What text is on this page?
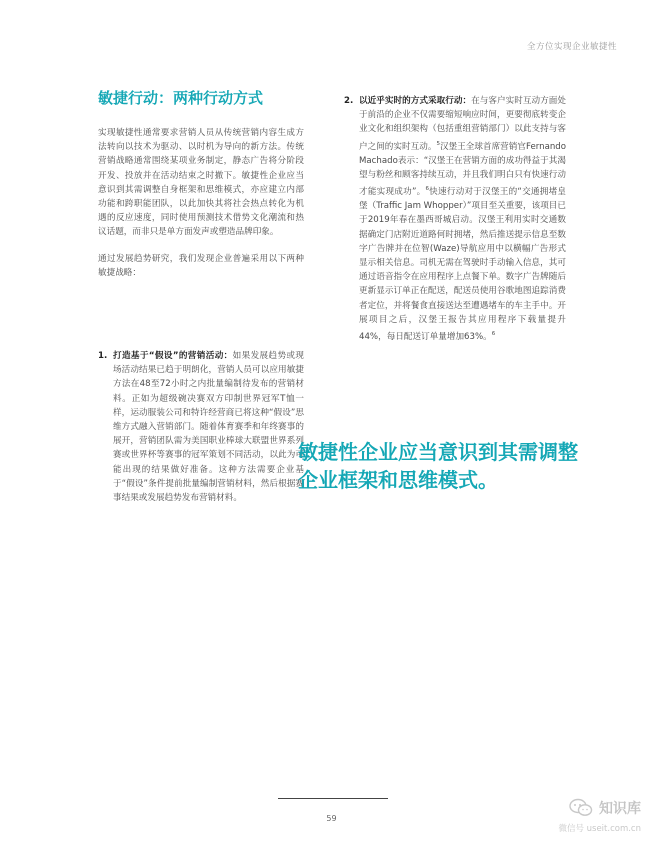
全方位实现企业敏捷性
敏捷行动：两种行动方式

实现敏捷性通常要求营销人员从传统营销内容生成方法转向以技术为驱动、以时机为导向的新方法。传统营销战略通常围绕某项业务制定，静态广告将分阶段开发、投放并在活动结束之时撤下。敏捷性企业应当意识到其需调整自身框架和思维模式，亦应建立内部功能和跨职能团队，以此加快其将社会热点转化为机遇的反应速度，同时使用预测技术借势文化潮流和热议话题，而非只是单方面发声或塑造品牌印象。

通过发展趋势研究，我们发现企业普遍采用以下两种敏捷战略：

1. 打造基于“假设”的营销活动：如果发展趋势或现场活动结果已趋于明朗化，营销人员可以应用敏捷方法在48至72小时之内批量编制待发布的营销材料。正如为超级碗决赛双方印制世界冠军T恤一样，运动服装公司和特许经营商已将这种“假设”思维方式融入营销部门。随着体育赛季和年终赛事的展开，营销团队需为美国职业棒球大联盟世界系列赛或世界杯等赛事的冠军策划不同活动，以此为可能出现的结果做好准备。这种方法需要企业基于“假设”条件提前批量编制营销材料，然后根据赛事结果或发展趋势发布营销材料。
2. 以近乎实时的方式采取行动：在与客户实时互动方面处于前沿的企业不仅需要缩短响应时间，更要彻底转变企业文化和组织架构（包括重组营销部门）以此支持与客户之间的实时互动。$^5$汉堡王全球首席营销官Fernando Machado表示：“汉堡王在营销方面的成功得益于其渴望与粉丝和顾客持续互动，并且我们明白只有快速行动才能实现成功”。$^6$快速行动对于汉堡王的“交通拥堵皇堡（Traffic Jam Whopper）”项目至关重要，该项目已于2019年春在墨西哥城启动。汉堡王利用实时交通数据确定门店附近道路何时拥堵，然后推送提示信息至数字广告牌并在位智(Waze)导航应用中以横幅广告形式显示相关信息。司机无需在驾驶时手动输入信息，其可通过语音指令在应用程序上点餐下单。数字广告牌随后更新显示订单正在配送，配送员使用谷歌地图追踪消费者定位，并将餐食直接送达至遭遇堵车的车主手中。开展项目之后，汉堡王报告其应用程序下载量提升44%，每日配送订单量增加63%。$^6$
敏捷性企业应当意识到其需调整企业框架和思维模式。
59
知识库
微信号 useit.com.cn
